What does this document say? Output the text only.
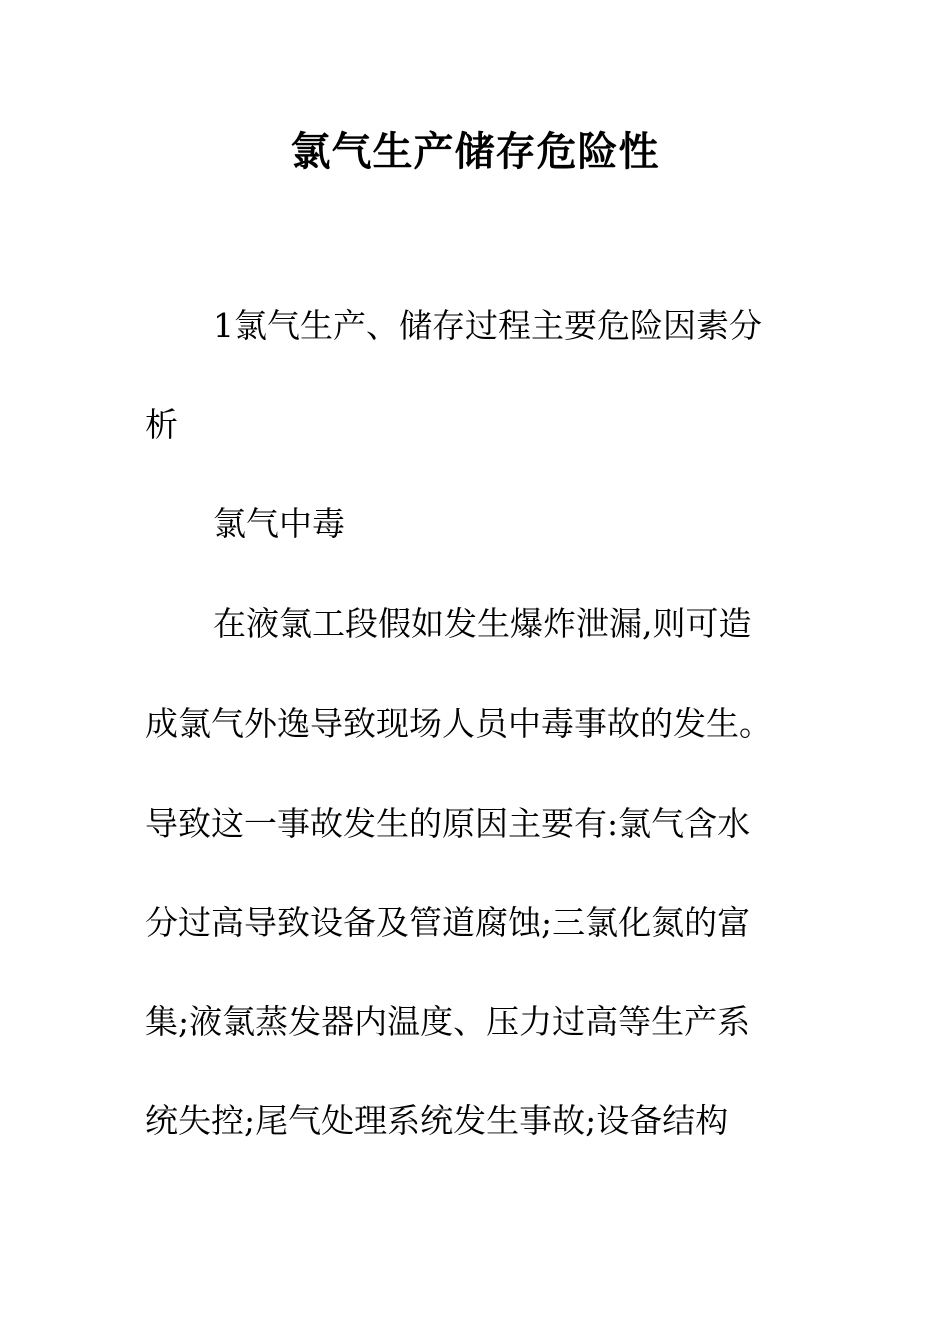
氯气生产储存危险性

1氯气生产、储存过程主要危险因素分

析

氯气中毒

在液氯工段假如发生爆炸泄漏,则可造

成氯气外逸导致现场人员中毒事故的发生。

导致这一事故发生的原因主要有:氯气含水

分过高导致设备及管道腐蚀;三氯化氮的富

集;液氯蒸发器内温度、压力过高等生产系

统失控;尾气处理系统发生事故;设备结构
